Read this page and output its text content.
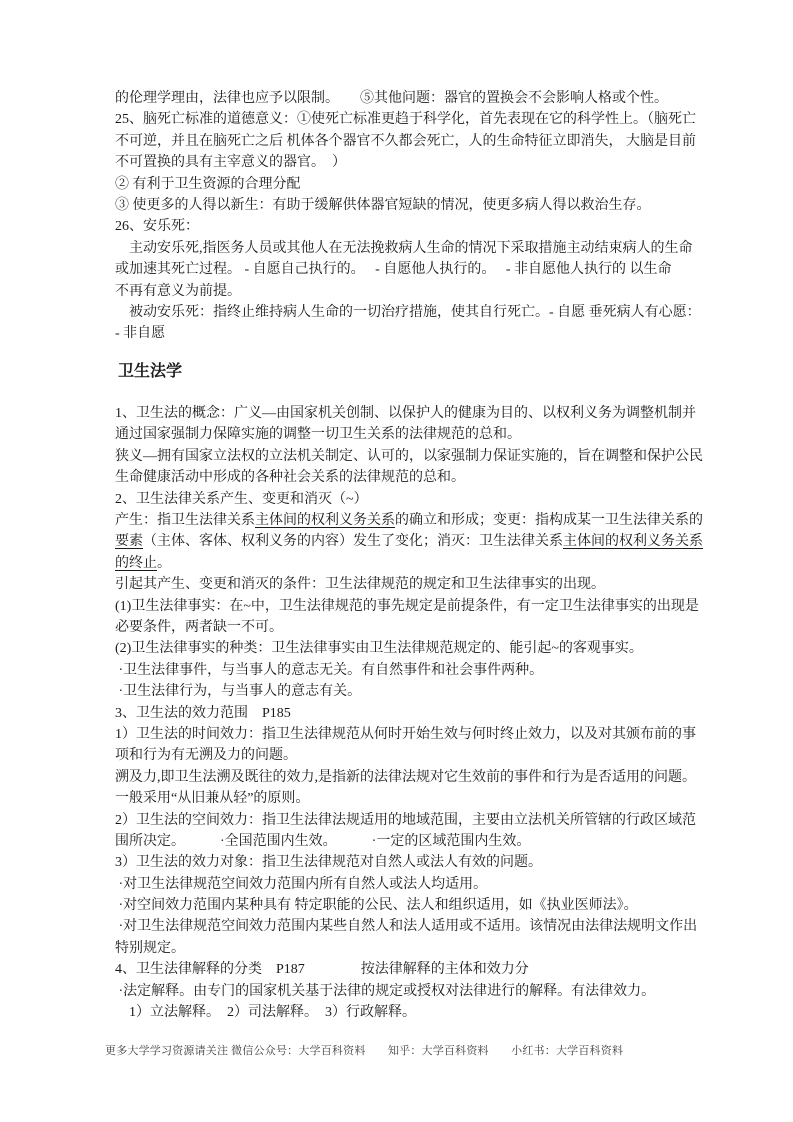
的伦理学理由，法律也应予以限制。　　⑤其他问题：器官的置换会不会影响人格或个性。
25、脑死亡标准的道德意义：①使死亡标准更趋于科学化，首先表现在它的科学性上。（脑死亡
不可逆，并且在脑死亡之后 机体各个器官不久都会死亡，人的生命特征立即消失， 大脑是目前
不可置换的具有主宰意义的器官。　）
② 有利于卫生资源的合理分配
③ 使更多的人得以新生：有助于缓解供体器官短缺的情况，使更多病人得以救治生存。
26、安乐死：
　主动安乐死,指医务人员或其他人在无法挽救病人生命的情况下采取措施主动结束病人的生命
或加速其死亡过程。 - 自愿自己执行的。　 - 自愿他人执行的。　 - 非自愿他人执行的 以生命
不再有意义为前提。
　被动安乐死：指终止维持病人生命的一切治疗措施，使其自行死亡。- 自愿 垂死病人有心愿：
- 非自愿
卫生法学
1、卫生法的概念：广义—由国家机关创制、以保护人的健康为目的、以权利义务为调整机制并
通过国家强制力保障实施的调整一切卫生关系的法律规范的总和。
狭义—拥有国家立法权的立法机关制定、认可的，以家强制力保证实施的，旨在调整和保护公民
生命健康活动中形成的各种社会关系的法律规范的总和。
2、卫生法律关系产生、变更和消灭（~）
产生：指卫生法律关系主体间的权利义务关系的确立和形成；变更：指构成某一卫生法律关系的
要素（主体、客体、权利义务的内容）发生了变化；消灭：卫生法律关系主体间的权利义务关系
的终止。
引起其产生、变更和消灭的条件：卫生法律规范的规定和卫生法律事实的出现。
(1)卫生法律事实：在~中，卫生法律规范的事先规定是前提条件，有一定卫生法律事实的出现是
必要条件，两者缺一不可。
(2)卫生法律事实的种类：卫生法律事实由卫生法律规范规定的、能引起~的客观事实。
·卫生法律事件，与当事人的意志无关。有自然事件和社会事件两种。
·卫生法律行为，与当事人的意志有关。
3、卫生法的效力范围　P185
1）卫生法的时间效力：指卫生法律规范从何时开始生效与何时终止效力，以及对其颁布前的事
项和行为有无溯及力的问题。
溯及力,即卫生法溯及既往的效力,是指新的法律法规对它生效前的事件和行为是否适用的问题。
一般采用“从旧兼从轻”的原则。
2）卫生法的空间效力：指卫生法律法规适用的地域范围，主要由立法机关所管辖的行政区域范
围所决定。　　　·全国范围内生效。　　　·一定的区域范围内生效。
3）卫生法的效力对象：指卫生法律规范对自然人或法人有效的问题。
·对卫生法律规范空间效力范围内所有自然人或法人均适用。
·对空间效力范围内某种具有 特定职能的公民、法人和组织适用，如《执业医师法》。
·对卫生法律规范空间效力范围内某些自然人和法人适用或不适用。该情况由法律法规明文作出
特别规定。
4、卫生法律解释的分类　P187　　　　按法律解释的主体和效力分
·法定解释。由专门的国家机关基于法律的规定或授权对法律进行的解释。有法律效力。
　1）立法解释。　2）司法解释。　3）行政解释。
更多大学学习资源请关注 微信公众号：大学百科资料　　知乎：大学百科资料　　小红书：大学百科资料
